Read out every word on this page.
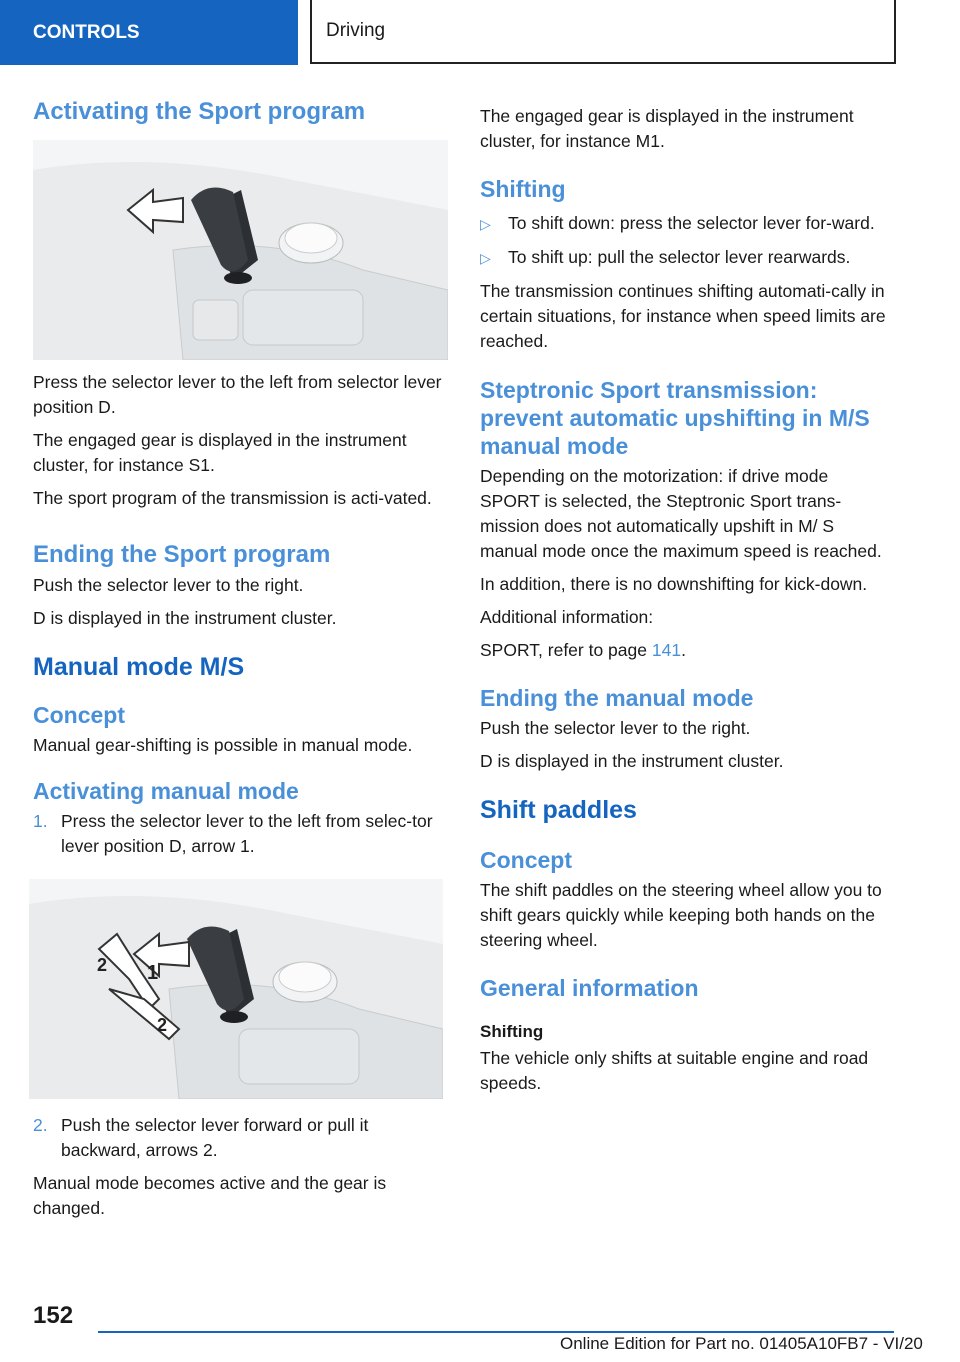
CONTROLS	Driving
Activating the Sport program

Press the selector lever to the left from selector lever position D.

The engaged gear is displayed in the instrument cluster, for instance S1.

The sport program of the transmission is acti‐vated.

Ending the Sport program

Push the selector lever to the right.

D is displayed in the instrument cluster.

Manual mode M/S
Concept

Manual gear-shifting is possible in manual mode.

Activating manual mode
1. Press the selector lever to the left from selec‐tor lever position D, arrow 1.
1
2
2
2. Push the selector lever forward or pull it backward, arrows 2.

Manual mode becomes active and the gear is changed.

The engaged gear is displayed in the instrument cluster, for instance M1.

Shifting
▷ To shift down: press the selector lever for‐ward.
▷ To shift up: pull the selector lever rearwards.

The transmission continues shifting automati‐cally in certain situations, for instance when speed limits are reached.

Steptronic Sport transmission: prevent automatic upshifting in M/S manual mode

Depending on the motorization: if drive mode SPORT is selected, the Steptronic Sport trans‐mission does not automatically upshift in M/ S manual mode once the maximum speed is reached.

In addition, there is no downshifting for kick‐down.

Additional information:

SPORT, refer to page 141.

Ending the manual mode

Push the selector lever to the right.

D is displayed in the instrument cluster.

Shift paddles
Concept

The shift paddles on the steering wheel allow you to shift gears quickly while keeping both hands on the steering wheel.

General information
Shifting

The vehicle only shifts at suitable engine and road speeds.

152
Online Edition for Part no. 01405A10FB7 - VI/20
